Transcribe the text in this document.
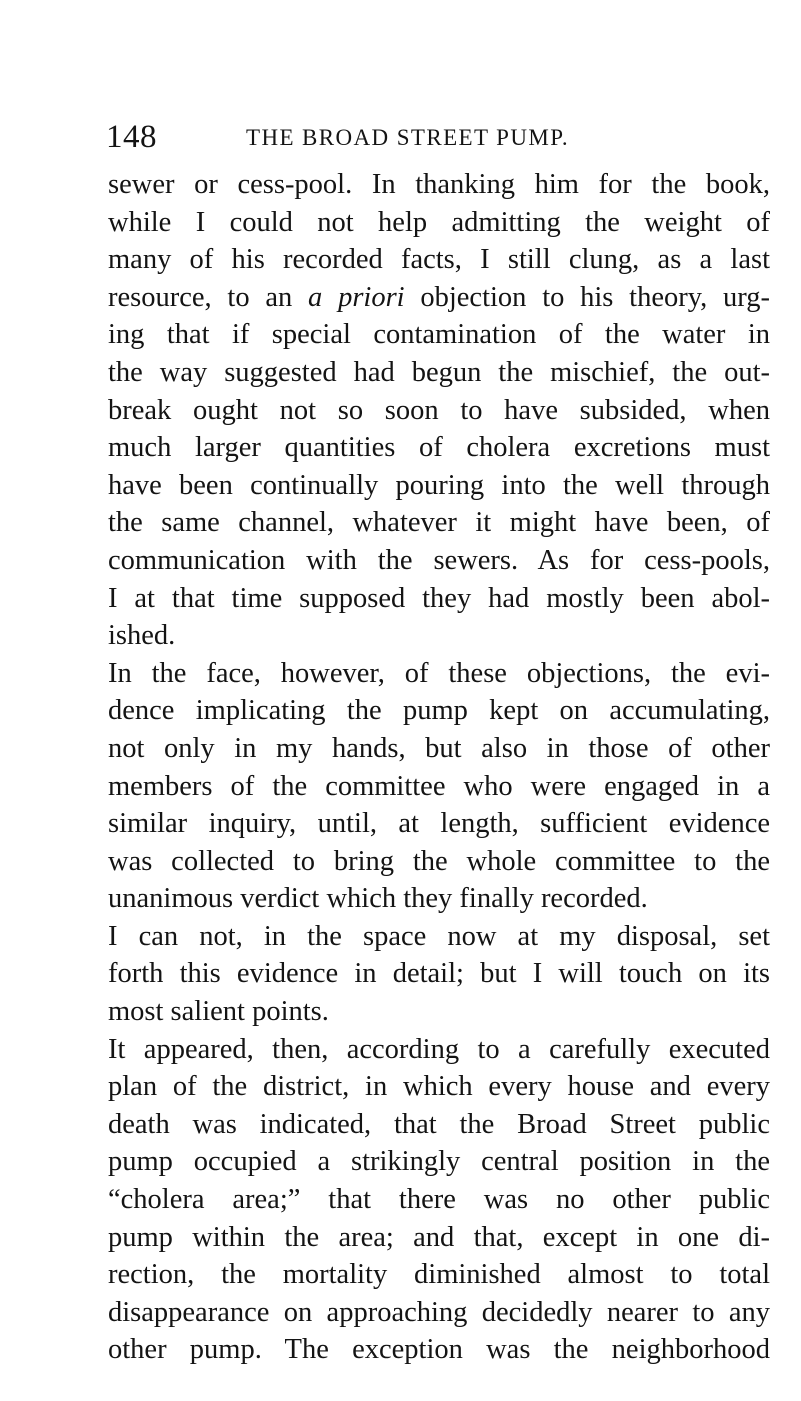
148	THE BROAD STREET PUMP.
sewer or cess-pool. In thanking him for the book,
while I could not help admitting the weight of
many of his recorded facts, I still clung, as a last
resource, to an a priori objection to his theory, urg-
ing that if special contamination of the water in
the way suggested had begun the mischief, the out-
break ought not so soon to have subsided, when
much larger quantities of cholera excretions must
have been continually pouring into the well through
the same channel, whatever it might have been, of
communication with the sewers. As for cess-pools,
I at that time supposed they had mostly been abol-
ished.
In the face, however, of these objections, the evi-
dence implicating the pump kept on accumulating,
not only in my hands, but also in those of other
members of the committee who were engaged in a
similar inquiry, until, at length, sufficient evidence
was collected to bring the whole committee to the
unanimous verdict which they finally recorded.
I can not, in the space now at my disposal, set
forth this evidence in detail; but I will touch on its
most salient points.
It appeared, then, according to a carefully executed
plan of the district, in which every house and every
death was indicated, that the Broad Street public
pump occupied a strikingly central position in the
“cholera area;” that there was no other public
pump within the area; and that, except in one di-
rection, the mortality diminished almost to total
disappearance on approaching decidedly nearer to any
other pump. The exception was the neighborhood
